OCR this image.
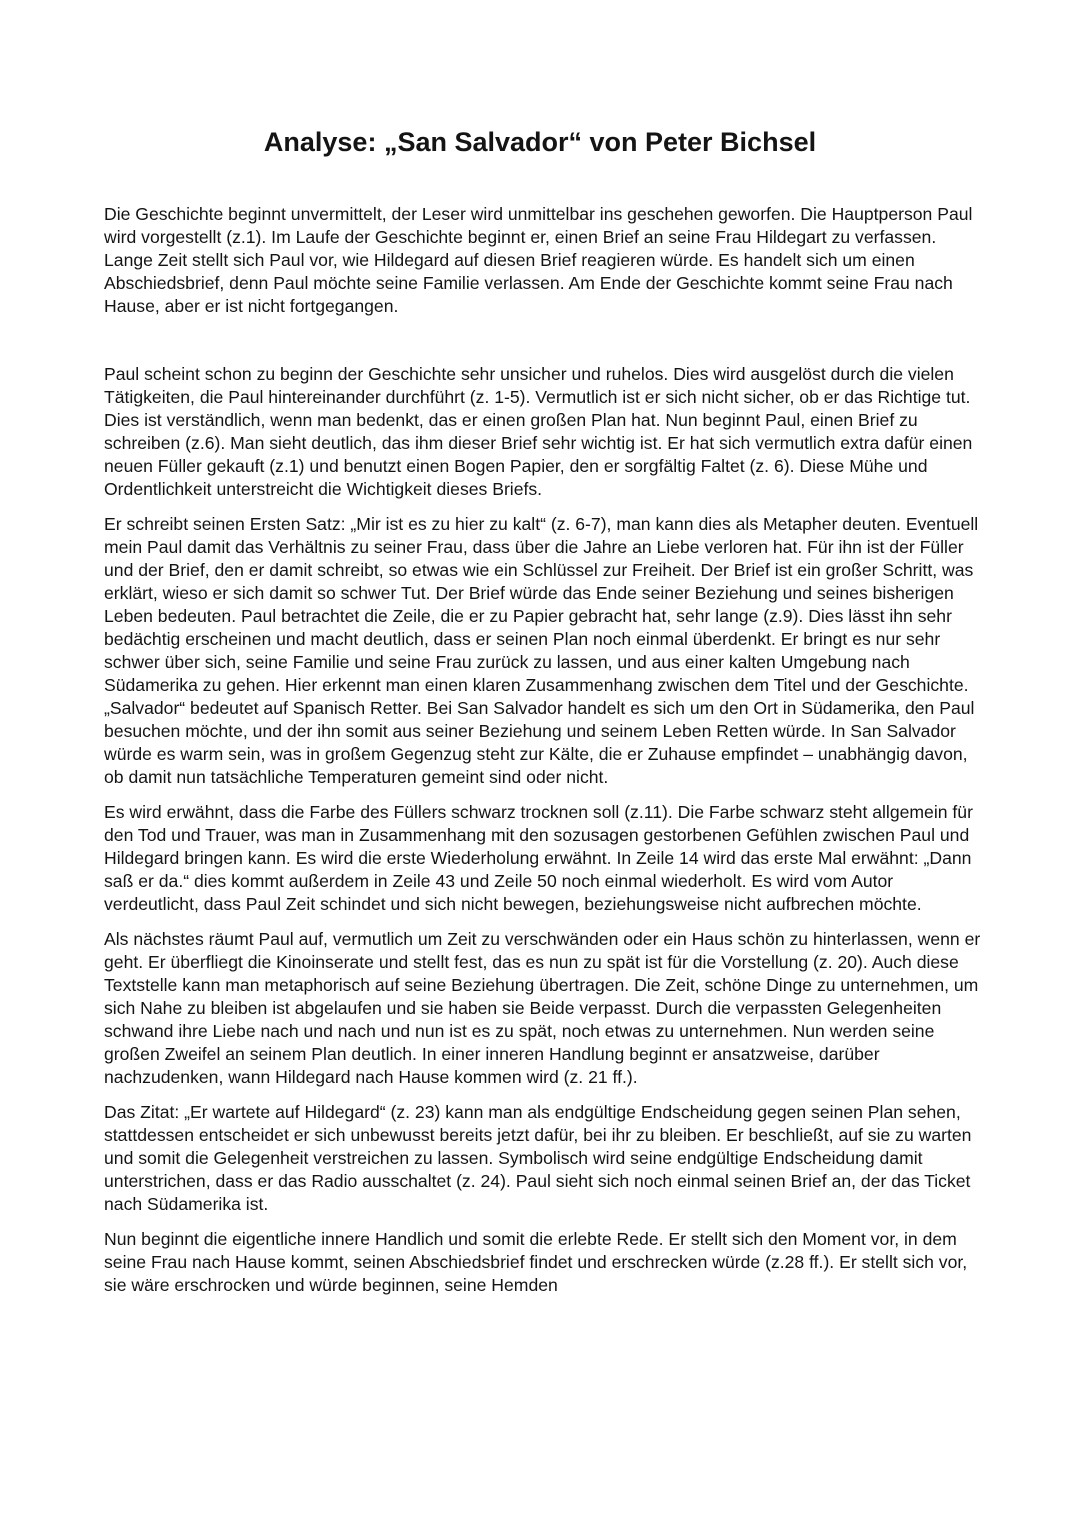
Analyse: „San Salvador“ von Peter Bichsel

Die Geschichte beginnt unvermittelt, der Leser wird unmittelbar ins geschehen geworfen. Die Hauptperson Paul wird vorgestellt (z.1). Im Laufe der Geschichte beginnt er, einen Brief an seine Frau Hildegart zu verfassen. Lange Zeit stellt sich Paul vor, wie Hildegard auf diesen Brief reagieren würde. Es handelt sich um einen Abschiedsbrief, denn Paul möchte seine Familie verlassen. Am Ende der Geschichte kommt seine Frau nach Hause, aber er ist nicht fortgegangen.

Paul scheint schon zu beginn der Geschichte sehr unsicher und ruhelos. Dies wird ausgelöst durch die vielen Tätigkeiten, die Paul hintereinander durchführt (z. 1-5). Vermutlich ist er sich nicht sicher, ob er das Richtige tut. Dies ist verständlich, wenn man bedenkt, das er einen großen Plan hat. Nun beginnt Paul, einen Brief zu schreiben (z.6). Man sieht deutlich, das ihm dieser Brief sehr wichtig ist. Er hat sich vermutlich extra dafür einen neuen Füller gekauft (z.1) und benutzt einen Bogen Papier, den er sorgfältig Faltet (z. 6). Diese Mühe und Ordentlichkeit unterstreicht die Wichtigkeit dieses Briefs.

Er schreibt seinen Ersten Satz: „Mir ist es zu hier zu kalt“ (z. 6-7), man kann dies als Metapher deuten. Eventuell mein Paul damit das Verhältnis zu seiner Frau, dass über die Jahre an Liebe verloren hat. Für ihn ist der Füller und der Brief, den er damit schreibt, so etwas wie ein Schlüssel zur Freiheit. Der Brief ist ein großer Schritt, was erklärt, wieso er sich damit so schwer Tut. Der Brief würde das Ende seiner Beziehung und seines bisherigen Leben bedeuten. Paul betrachtet die Zeile, die er zu Papier gebracht hat, sehr lange (z.9). Dies lässt ihn sehr bedächtig erscheinen und macht deutlich, dass er seinen Plan noch einmal überdenkt. Er bringt es nur sehr schwer über sich, seine Familie und seine Frau zurück zu lassen, und aus einer kalten Umgebung nach Südamerika zu gehen. Hier erkennt man einen klaren Zusammenhang zwischen dem Titel und der Geschichte. „Salvador“ bedeutet auf Spanisch Retter. Bei San Salvador handelt es sich um den Ort in Südamerika, den Paul besuchen möchte, und der ihn somit aus seiner Beziehung und seinem Leben Retten würde. In San Salvador würde es warm sein, was in großem Gegenzug steht zur Kälte, die er Zuhause empfindet – unabhängig davon, ob damit nun tatsächliche Temperaturen gemeint sind oder nicht.

Es wird erwähnt, dass die Farbe des Füllers schwarz trocknen soll (z.11). Die Farbe schwarz steht allgemein für den Tod und Trauer, was man in Zusammenhang mit den sozusagen gestorbenen Gefühlen zwischen Paul und Hildegard bringen kann. Es wird die erste Wiederholung erwähnt. In Zeile 14 wird das erste Mal erwähnt: „Dann saß er da.“ dies kommt außerdem in Zeile 43 und Zeile 50 noch einmal wiederholt. Es wird vom Autor verdeutlicht, dass Paul Zeit schindet und sich nicht bewegen, beziehungsweise nicht aufbrechen möchte.

Als nächstes räumt Paul auf, vermutlich um Zeit zu verschwänden oder ein Haus schön zu hinterlassen, wenn er geht. Er überfliegt die Kinoinserate und stellt fest, das es nun zu spät ist für die Vorstellung (z. 20). Auch diese Textstelle kann man metaphorisch auf seine Beziehung übertragen. Die Zeit, schöne Dinge zu unternehmen, um sich Nahe zu bleiben ist abgelaufen und sie haben sie Beide verpasst. Durch die verpassten Gelegenheiten schwand ihre Liebe nach und nach und nun ist es zu spät, noch etwas zu unternehmen. Nun werden seine großen Zweifel an seinem Plan deutlich. In einer inneren Handlung beginnt er ansatzweise, darüber nachzudenken, wann Hildegard nach Hause kommen wird (z. 21 ff.).

Das Zitat: „Er wartete auf Hildegard“ (z. 23) kann man als endgültige Endscheidung gegen seinen Plan sehen, stattdessen entscheidet er sich unbewusst bereits jetzt dafür, bei ihr zu bleiben. Er beschließt, auf sie zu warten und somit die Gelegenheit verstreichen zu lassen. Symbolisch wird seine endgültige Endscheidung damit unterstrichen, dass er das Radio ausschaltet (z. 24). Paul sieht sich noch einmal seinen Brief an, der das Ticket nach Südamerika ist.

Nun beginnt die eigentliche innere Handlich und somit die erlebte Rede. Er stellt sich den Moment vor, in dem seine Frau nach Hause kommt, seinen Abschiedsbrief findet und erschrecken würde (z.28 ff.). Er stellt sich vor, sie wäre erschrocken und würde beginnen, seine Hemden
